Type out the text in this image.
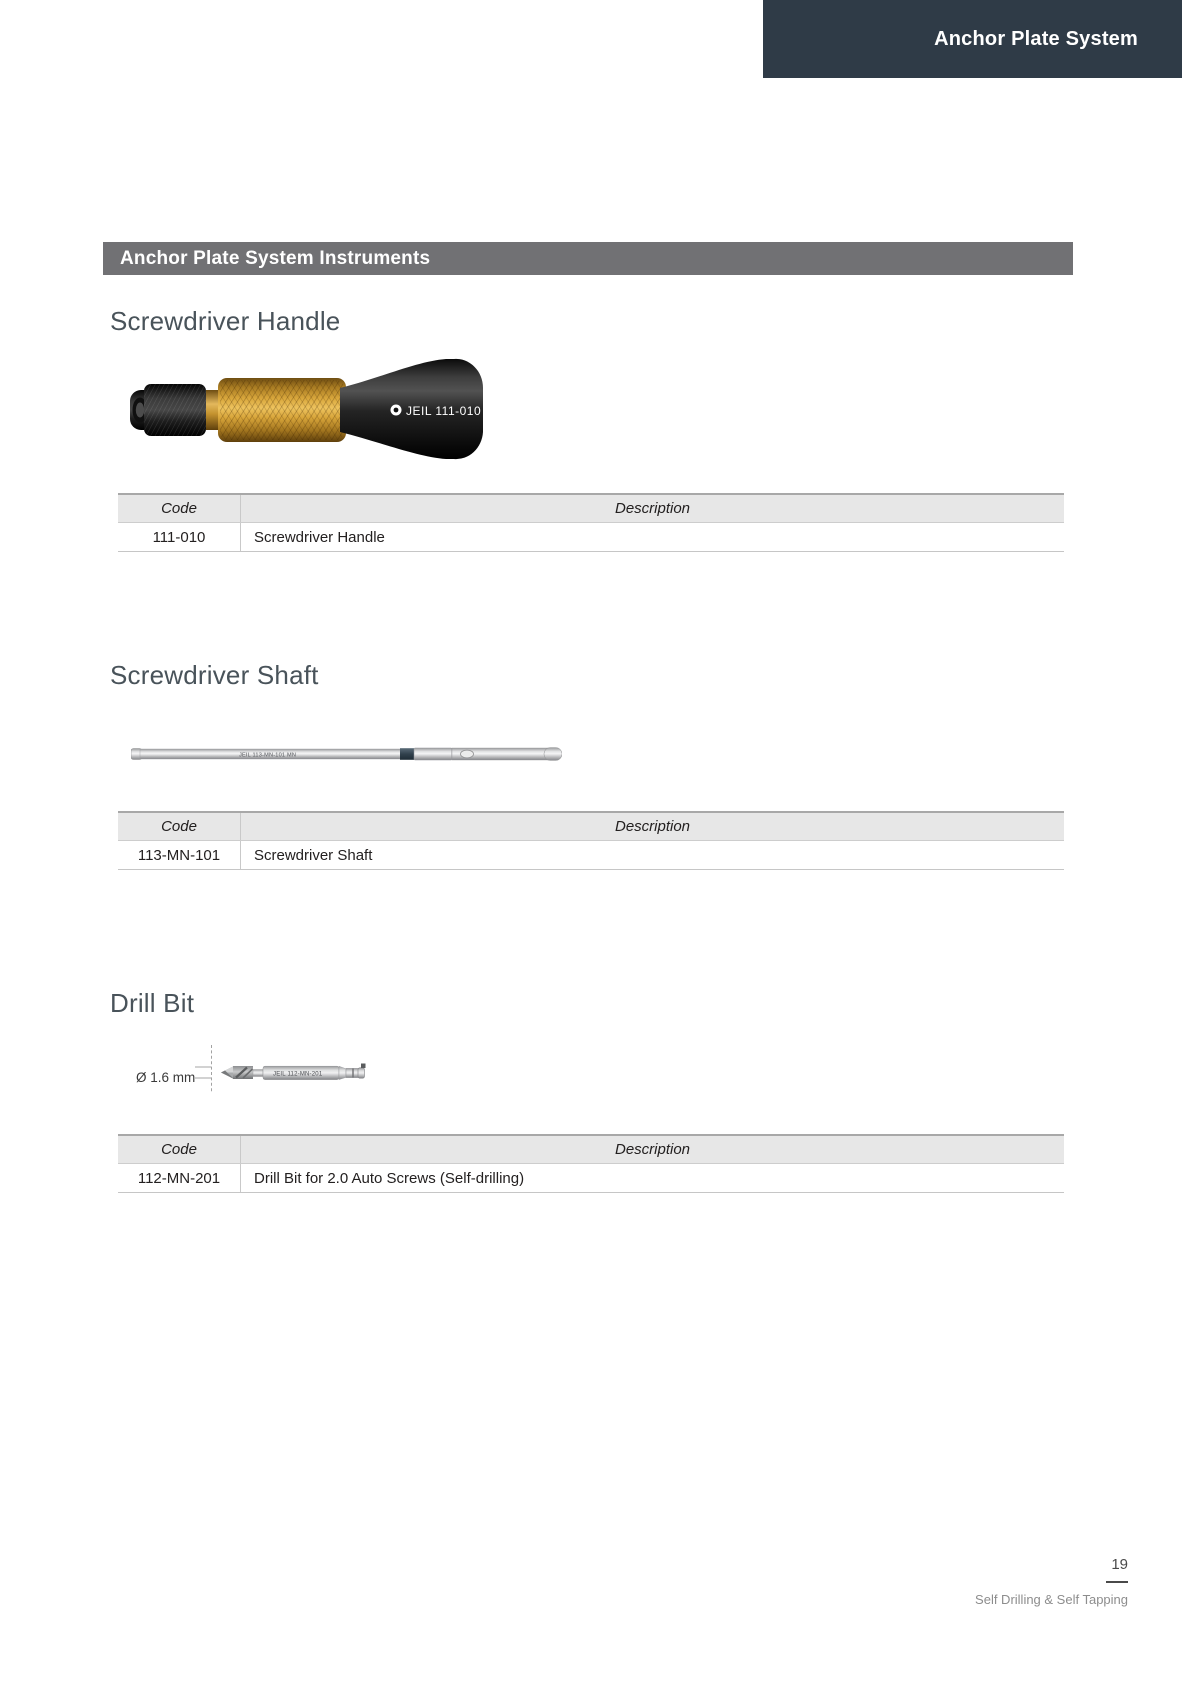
Anchor Plate System
Anchor Plate System Instruments
Screwdriver Handle
JEIL 111-010
Code	Description
111-010	Screwdriver Handle
Screwdriver Shaft
JEIL 113-MN-101 MN
Code	Description
113-MN-101	Screwdriver Shaft
Drill Bit
Ø 1.6 mm	JEIL 112-MN-201
Code	Description
112-MN-201	Drill Bit for 2.0 Auto Screws (Self-drilling)
19
Self Drilling & Self Tapping
